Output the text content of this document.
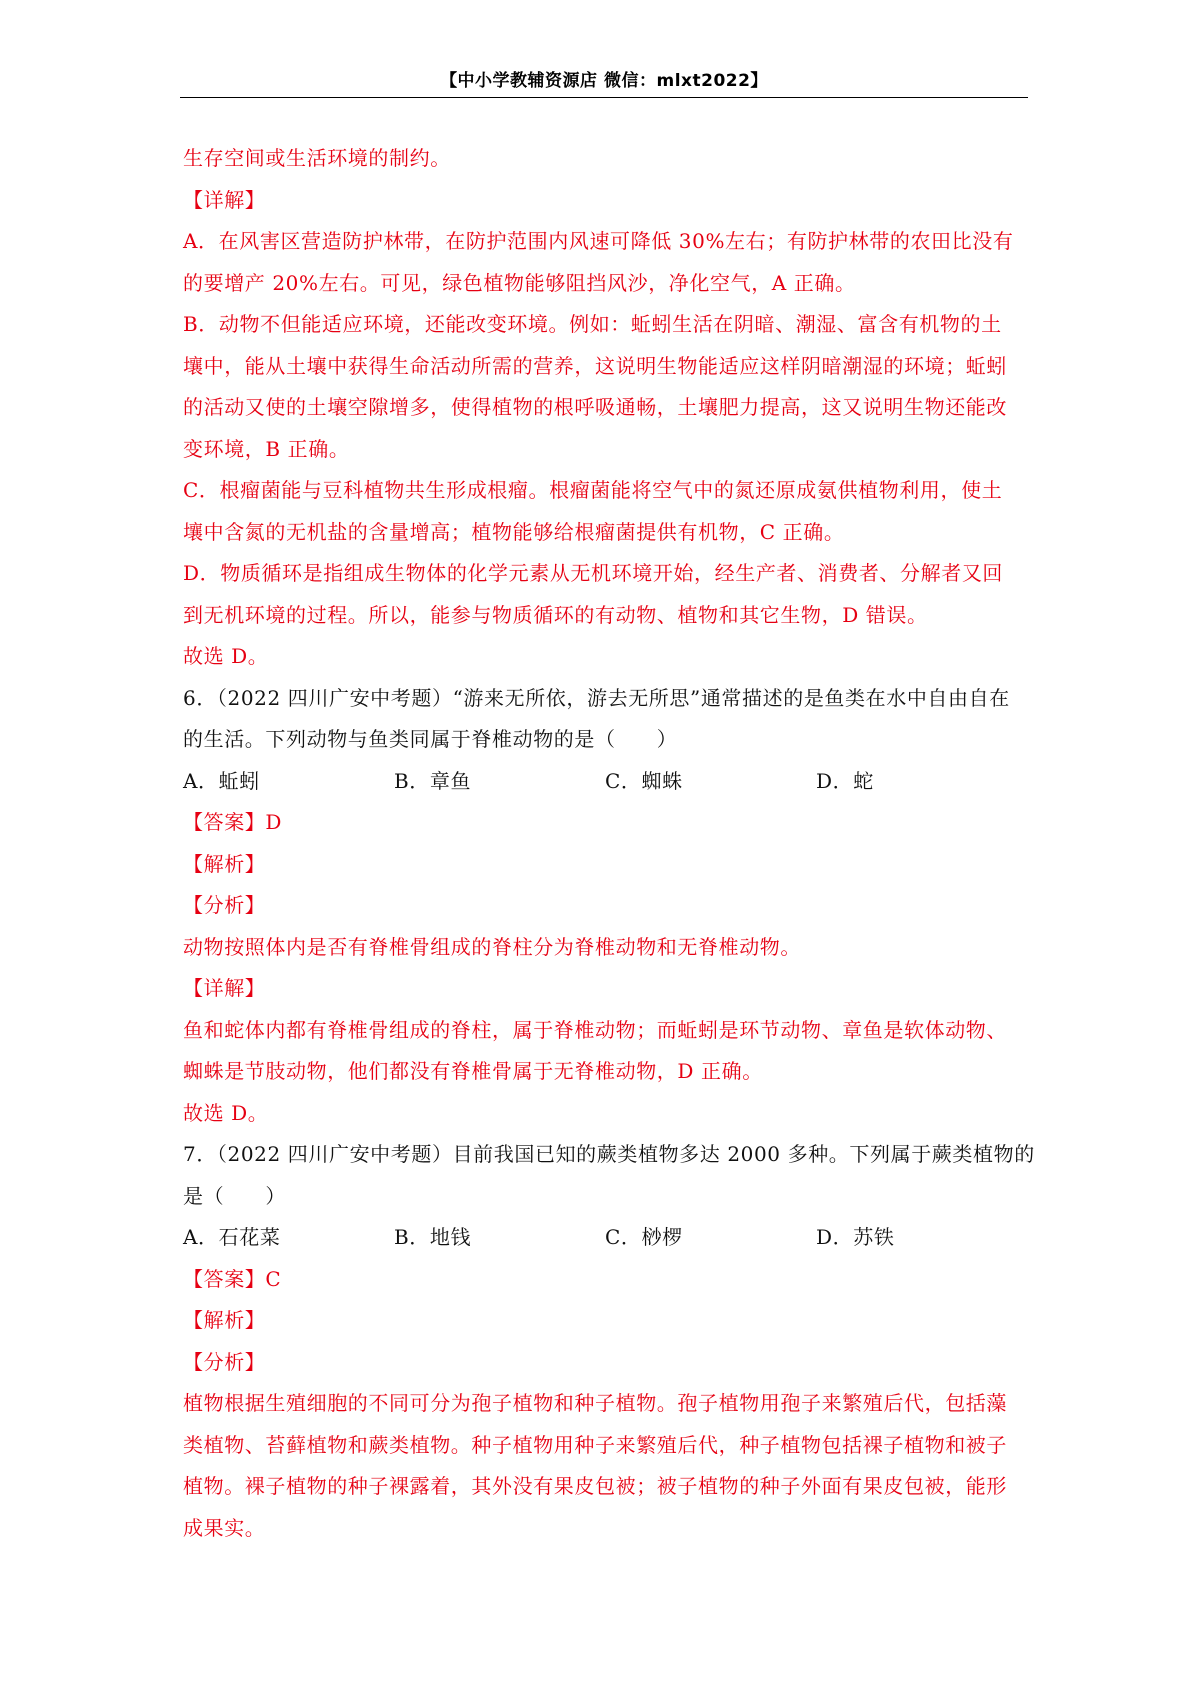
【中小学教辅资源店 微信：mlxt2022】
生存空间或生活环境的制约。
【详解】
A．在风害区营造防护林带，在防护范围内风速可降低 30%左右；有防护林带的农田比没有
的要增产 20%左右。可见，绿色植物能够阻挡风沙，净化空气，A 正确。
B．动物不但能适应环境，还能改变环境。例如：蚯蚓生活在阴暗、潮湿、富含有机物的土
壤中，能从土壤中获得生命活动所需的营养，这说明生物能适应这样阴暗潮湿的环境；蚯蚓
的活动又使的土壤空隙增多，使得植物的根呼吸通畅，土壤肥力提高，这又说明生物还能改
变环境，B 正确。
C．根瘤菌能与豆科植物共生形成根瘤。根瘤菌能将空气中的氮还原成氨供植物利用，使土
壤中含氮的无机盐的含量增高；植物能够给根瘤菌提供有机物，C 正确。
D．物质循环是指组成生物体的化学元素从无机环境开始，经生产者、消费者、分解者又回
到无机环境的过程。所以，能参与物质循环的有动物、植物和其它生物，D 错误。
故选 D。
6．（2022 四川广安中考题）“游来无所依，游去无所思”通常描述的是鱼类在水中自由自在
的生活。下列动物与鱼类同属于脊椎动物的是（　　）
A．蚯蚓	B．章鱼	C．蜘蛛	D．蛇
【答案】D
【解析】
【分析】
动物按照体内是否有脊椎骨组成的脊柱分为脊椎动物和无脊椎动物。
【详解】
鱼和蛇体内都有脊椎骨组成的脊柱，属于脊椎动物；而蚯蚓是环节动物、章鱼是软体动物、
蜘蛛是节肢动物，他们都没有脊椎骨属于无脊椎动物，D 正确。
故选 D。
7．（2022 四川广安中考题）目前我国已知的蕨类植物多达 2000 多种。下列属于蕨类植物的
是（　　）
A．石花菜	B．地钱	C．桫椤	D．苏铁
【答案】C
【解析】
【分析】
植物根据生殖细胞的不同可分为孢子植物和种子植物。孢子植物用孢子来繁殖后代，包括藻
类植物、苔藓植物和蕨类植物。种子植物用种子来繁殖后代，种子植物包括裸子植物和被子
植物。裸子植物的种子裸露着，其外没有果皮包被；被子植物的种子外面有果皮包被，能形
成果实。
